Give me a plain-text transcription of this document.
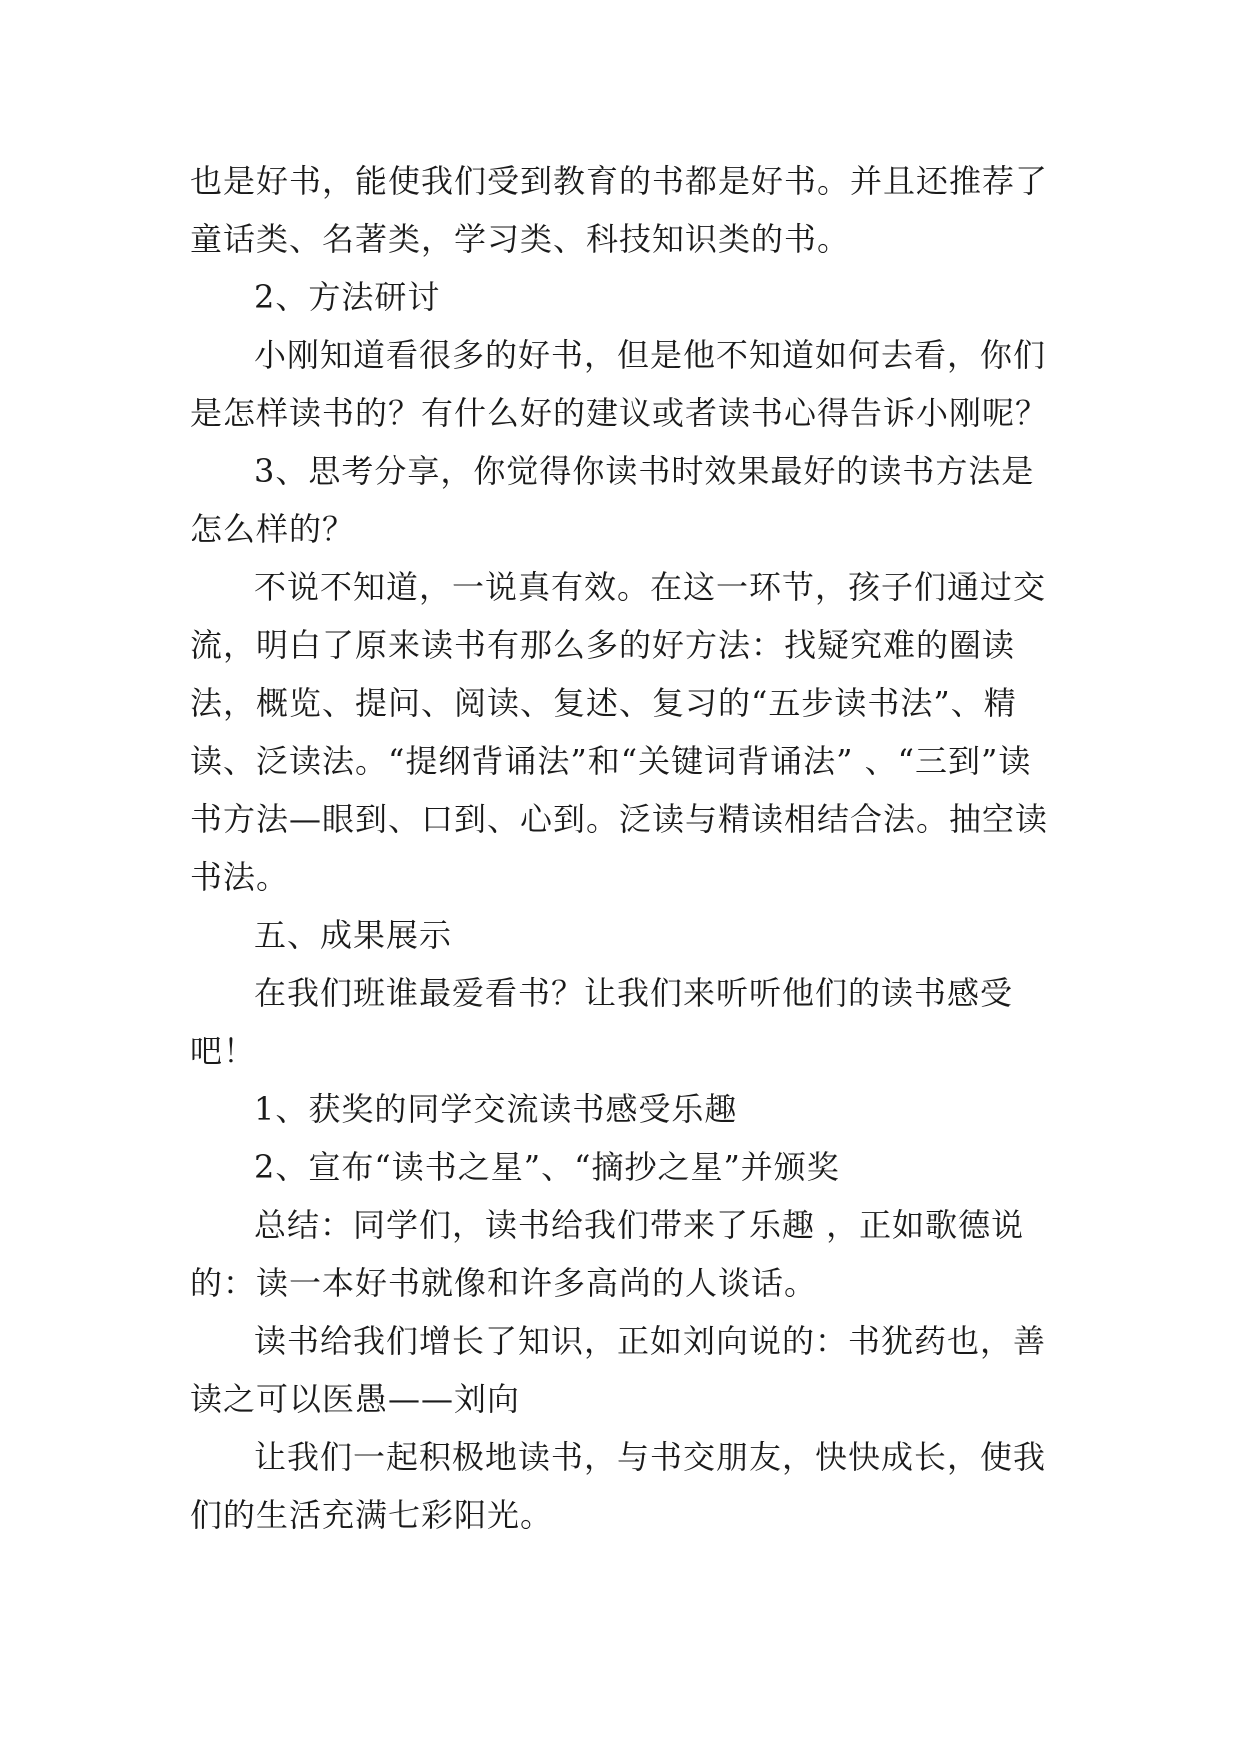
也是好书，能使我们受到教育的书都是好书。并且还推荐了童话类、名著类，学习类、科技知识类的书。

2、方法研讨

小刚知道看很多的好书，但是他不知道如何去看，你们是怎样读书的？有什么好的建议或者读书心得告诉小刚呢？

3、思考分享，你觉得你读书时效果最好的读书方法是怎么样的？

不说不知道，一说真有效。在这一环节，孩子们通过交流，明白了原来读书有那么多的好方法：找疑究难的圈读法，概览、提问、阅读、复述、复习的“五步读书法”、精读、泛读法。“提纲背诵法”和“关键词背诵法” 、“三到”读书方法—眼到、口到、心到。泛读与精读相结合法。抽空读书法。

五、成果展示

在我们班谁最爱看书？让我们来听听他们的读书感受吧！

1、获奖的同学交流读书感受乐趣

2、宣布“读书之星”、“摘抄之星”并颁奖

总结：同学们，读书给我们带来了乐趣 ，正如歌德说的：读一本好书就像和许多高尚的人谈话。

读书给我们增长了知识，正如刘向说的：书犹药也，善读之可以医愚——刘向

让我们一起积极地读书，与书交朋友，快快成长，使我们的生活充满七彩阳光。
